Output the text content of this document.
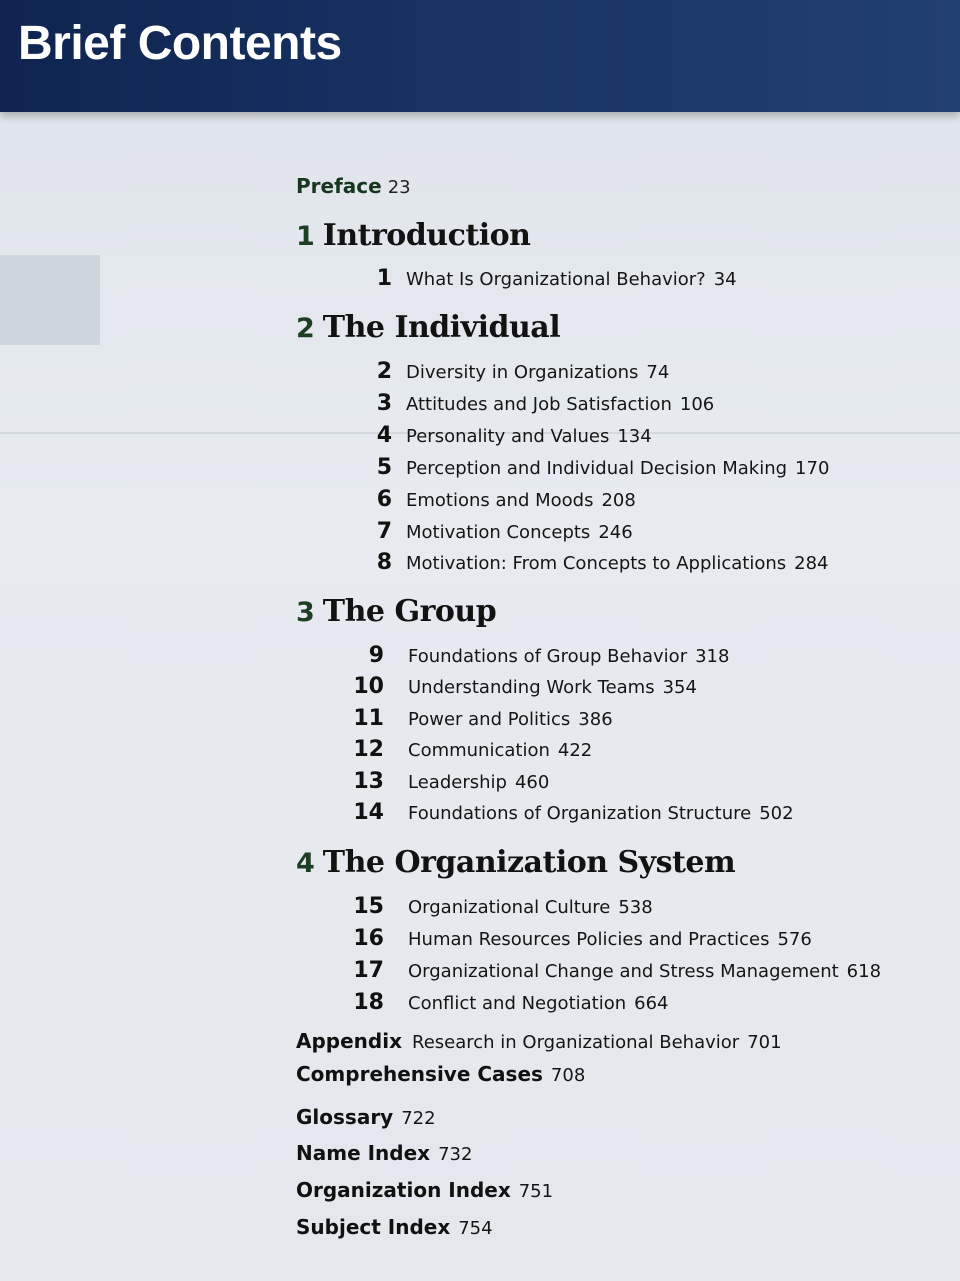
Brief Contents
Preface 23
1 Introduction
1 What Is Organizational Behavior? 34
2 The Individual
2 Diversity in Organizations 74
3 Attitudes and Job Satisfaction 106
4 Personality and Values 134
5 Perception and Individual Decision Making 170
6 Emotions and Moods 208
7 Motivation Concepts 246
8 Motivation: From Concepts to Applications 284
3 The Group
9 Foundations of Group Behavior 318
10 Understanding Work Teams 354
11 Power and Politics 386
12 Communication 422
13 Leadership 460
14 Foundations of Organization Structure 502
4 The Organization System
15 Organizational Culture 538
16 Human Resources Policies and Practices 576
17 Organizational Change and Stress Management 618
18 Conflict and Negotiation 664
Appendix Research in Organizational Behavior 701
Comprehensive Cases 708
Glossary 722
Name Index 732
Organization Index 751
Subject Index 754
